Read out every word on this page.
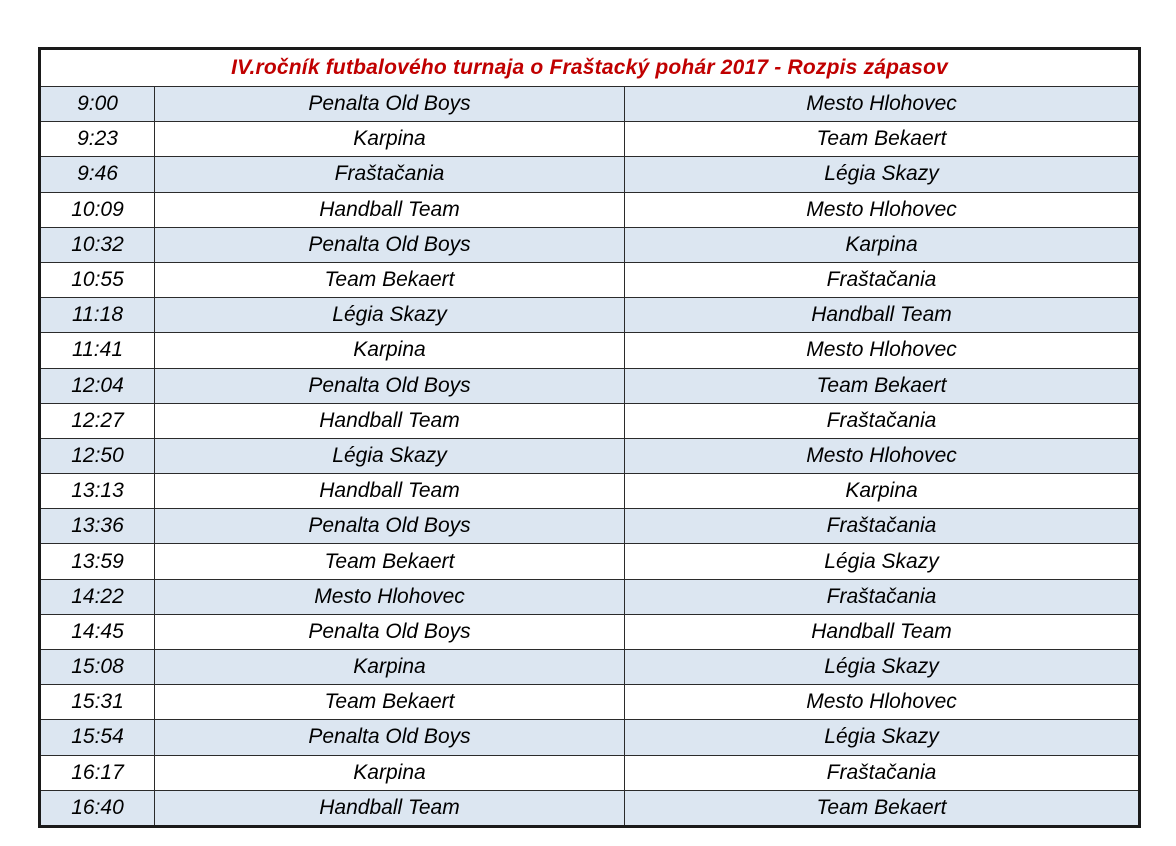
IV.ročník futbalového turnaja o Fraštacký pohár 2017 - Rozpis zápasov		
9:00	Penalta Old Boys	Mesto Hlohovec
9:23	Karpina	Team Bekaert
9:46	Fraštačania	Légia Skazy
10:09	Handball Team	Mesto Hlohovec
10:32	Penalta Old Boys	Karpina
10:55	Team Bekaert	Fraštačania
11:18	Légia Skazy	Handball Team
11:41	Karpina	Mesto Hlohovec
12:04	Penalta Old Boys	Team Bekaert
12:27	Handball Team	Fraštačania
12:50	Légia Skazy	Mesto Hlohovec
13:13	Handball Team	Karpina
13:36	Penalta Old Boys	Fraštačania
13:59	Team Bekaert	Légia Skazy
14:22	Mesto Hlohovec	Fraštačania
14:45	Penalta Old Boys	Handball Team
15:08	Karpina	Légia Skazy
15:31	Team Bekaert	Mesto Hlohovec
15:54	Penalta Old Boys	Légia Skazy
16:17	Karpina	Fraštačania
16:40	Handball Team	Team Bekaert
